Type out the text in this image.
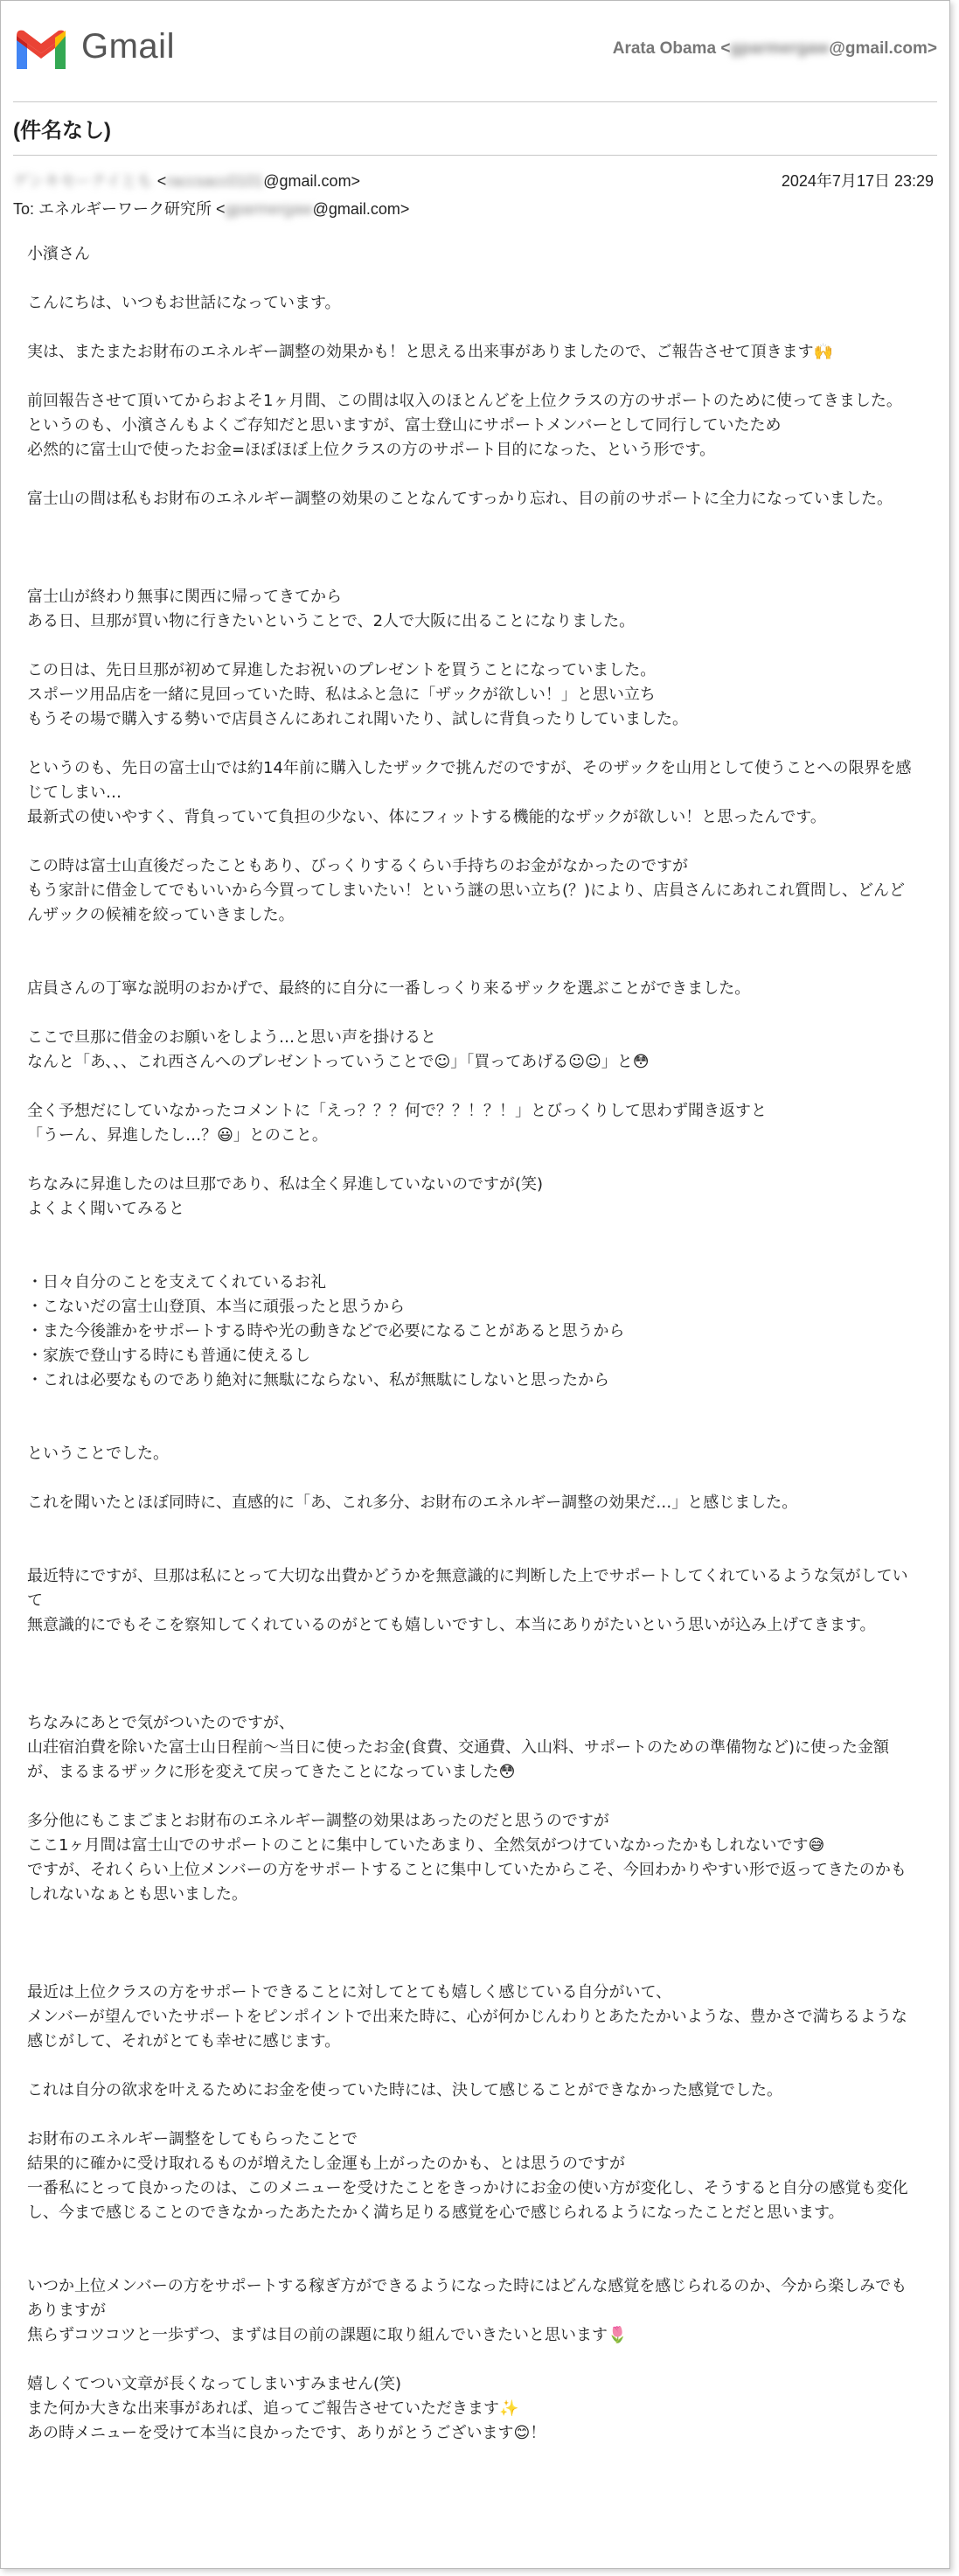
Gmail	Arata Obama <gparmergaw@gmail.com>
(件名なし)
ゲンキセーテイとも <raccsacc0101@gmail.com>	2024年7月17日 23:29
To: エネルギーワーク研究所 <gparmergaw@gmail.com>
小濱さん
こんにちは、いつもお世話になっています。
実は、またまたお財布のエネルギー調整の効果かも！と思える出来事がありましたので、ご報告させて頂きます🙌
前回報告させて頂いてからおよそ1ヶ月間、この間は収入のほとんどを上位クラスの方のサポートのために使ってきました。
というのも、小濱さんもよくご存知だと思いますが、富士登山にサポートメンバーとして同行していたため
必然的に富士山で使ったお金=ほぼほぼ上位クラスの方のサポート目的になった、という形です。
富士山の間は私もお財布のエネルギー調整の効果のことなんてすっかり忘れ、目の前のサポートに全力になっていました。
富士山が終わり無事に関西に帰ってきてから
ある日、旦那が買い物に行きたいということで、2人で大阪に出ることになりました。
この日は、先日旦那が初めて昇進したお祝いのプレゼントを買うことになっていました。
スポーツ用品店を一緒に見回っていた時、私はふと急に「ザックが欲しい！」と思い立ち
もうその場で購入する勢いで店員さんにあれこれ聞いたり、試しに背負ったりしていました。
というのも、先日の富士山では約14年前に購入したザックで挑んだのですが、そのザックを山用として使うことへの限界を感じてしまい…
最新式の使いやすく、背負っていて負担の少ない、体にフィットする機能的なザックが欲しい！と思ったんです。
この時は富士山直後だったこともあり、びっくりするくらい手持ちのお金がなかったのですが
もう家計に借金してでもいいから今買ってしまいたい！という謎の思い立ち(？)により、店員さんにあれこれ質問し、どんどんザックの候補を絞っていきました。
店員さんの丁寧な説明のおかげで、最終的に自分に一番しっくり来るザックを選ぶことができました。
ここで旦那に借金のお願いをしよう…と思い声を掛けると
なんと「あ、、、これ西さんへのプレゼントっていうことで☺」「買ってあげる☺☺」と😳
全く予想だにしていなかったコメントに「えっ？？？何で？？！？！」とびっくりして思わず聞き返すと
「うーん、昇進したし…？😃」とのこと。
ちなみに昇進したのは旦那であり、私は全く昇進していないのですが(笑)
よくよく聞いてみると
・日々自分のことを支えてくれているお礼
・こないだの富士山登頂、本当に頑張ったと思うから
・また今後誰かをサポートする時や光の動きなどで必要になることがあると思うから
・家族で登山する時にも普通に使えるし
・これは必要なものであり絶対に無駄にならない、私が無駄にしないと思ったから
ということでした。
これを聞いたとほぼ同時に、直感的に「あ、これ多分、お財布のエネルギー調整の効果だ…」と感じました。
最近特にですが、旦那は私にとって大切な出費かどうかを無意識的に判断した上でサポートしてくれているような気がしていて
無意識的にでもそこを察知してくれているのがとても嬉しいですし、本当にありがたいという思いが込み上げてきます。
ちなみにあとで気がついたのですが、
山荘宿泊費を除いた富士山日程前～当日に使ったお金(食費、交通費、入山料、サポートのための準備物など)に使った金額が、まるまるザックに形を変えて戻ってきたことになっていました😳
多分他にもこまごまとお財布のエネルギー調整の効果はあったのだと思うのですが
ここ1ヶ月間は富士山でのサポートのことに集中していたあまり、全然気がつけていなかったかもしれないです😅
ですが、それくらい上位メンバーの方をサポートすることに集中していたからこそ、今回わかりやすい形で返ってきたのかもしれないなぁとも思いました。
最近は上位クラスの方をサポートできることに対してとても嬉しく感じている自分がいて、
メンバーが望んでいたサポートをピンポイントで出来た時に、心が何かじんわりとあたたかいような、豊かさで満ちるような感じがして、それがとても幸せに感じます。
これは自分の欲求を叶えるためにお金を使っていた時には、決して感じることができなかった感覚でした。
お財布のエネルギー調整をしてもらったことで
結果的に確かに受け取れるものが増えたし金運も上がったのかも、とは思うのですが
一番私にとって良かったのは、このメニューを受けたことをきっかけにお金の使い方が変化し、そうすると自分の感覚も変化し、今まで感じることのできなかったあたたかく満ち足りる感覚を心で感じられるようになったことだと思います。
いつか上位メンバーの方をサポートする稼ぎ方ができるようになった時にはどんな感覚を感じられるのか、今から楽しみでもありますが
焦らずコツコツと一歩ずつ、まずは目の前の課題に取り組んでいきたいと思います🌷
嬉しくてつい文章が長くなってしまいすみません(笑)
また何か大きな出来事があれば、追ってご報告させていただきます✨
あの時メニューを受けて本当に良かったです、ありがとうございます😊！
